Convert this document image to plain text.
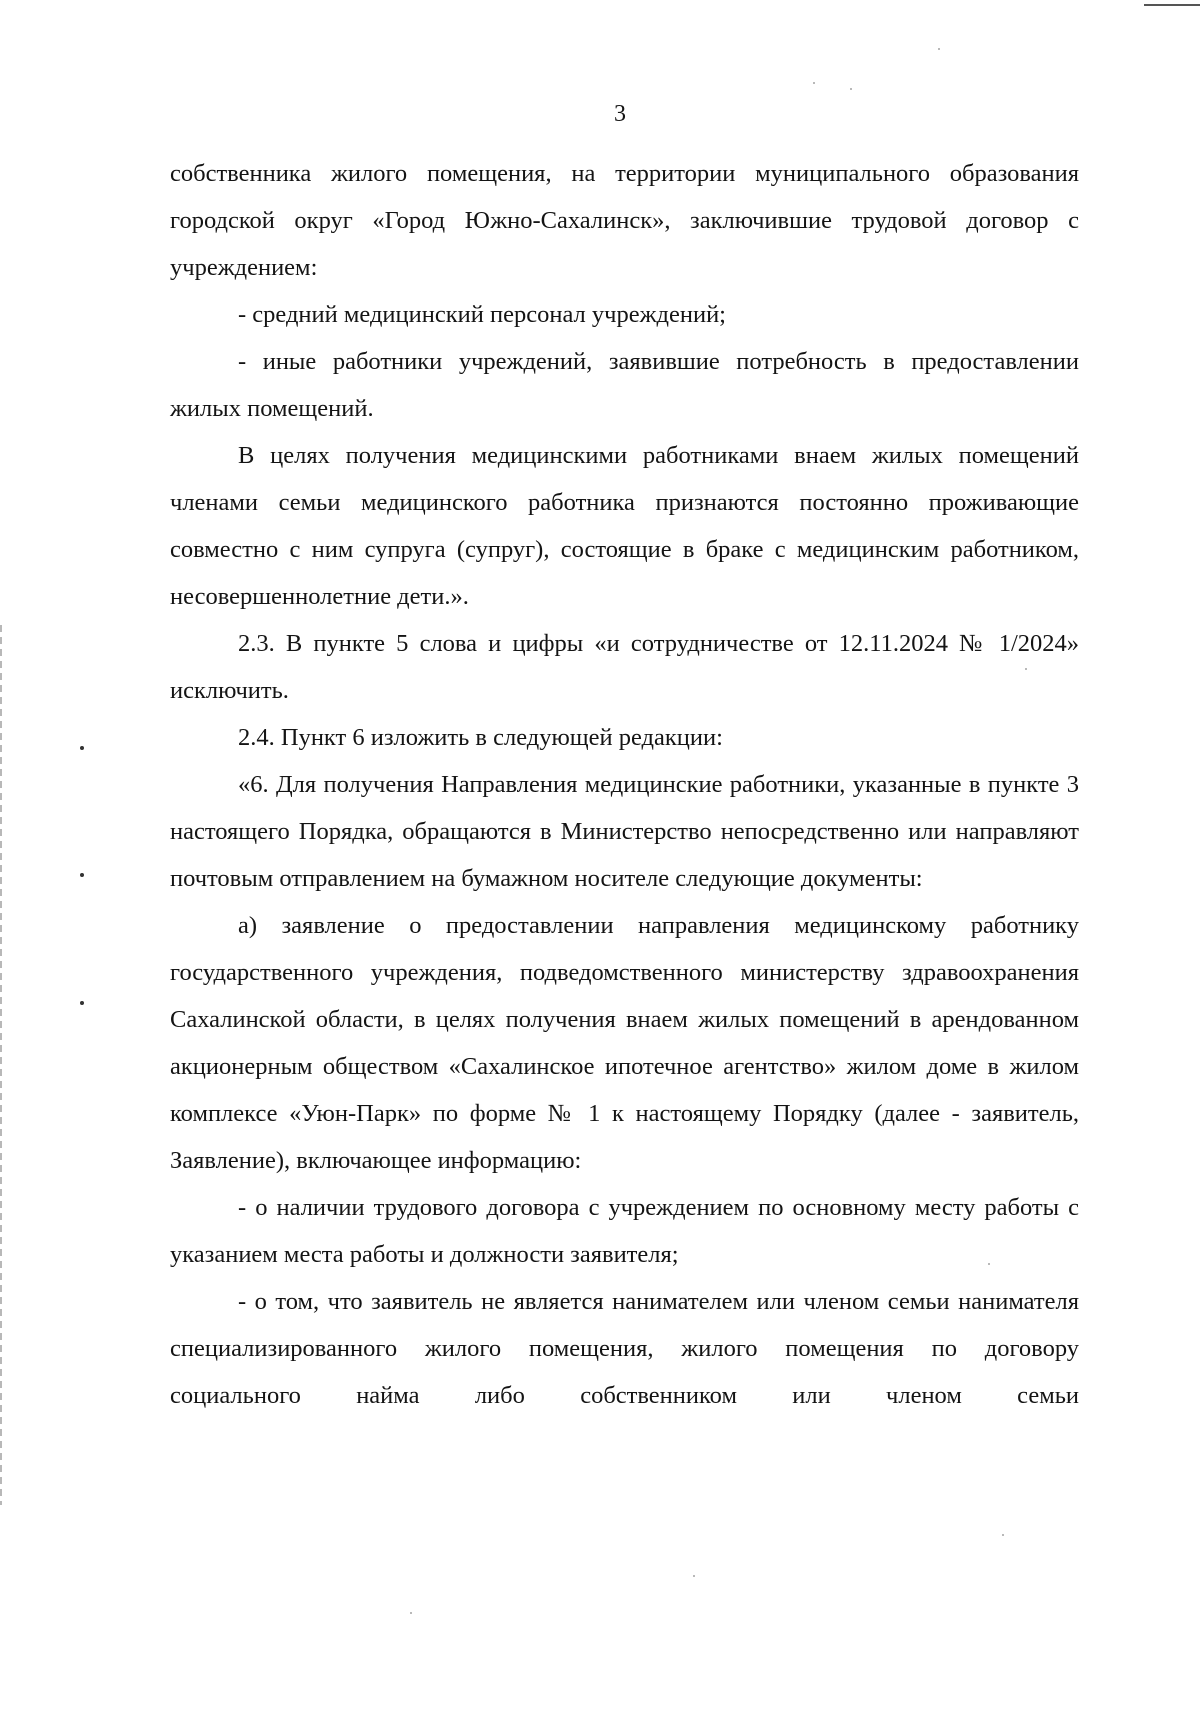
3

собственника жилого помещения, на территории муниципального образования городской округ «Город Южно-Сахалинск», заключившие трудовой договор с учреждением:

- средний медицинский персонал учреждений;

- иные работники учреждений, заявившие потребность в предоставлении жилых помещений.

В целях получения медицинскими работниками внаем жилых помещений членами семьи медицинского работника признаются постоянно проживающие совместно с ним супруга (супруг), состоящие в браке с медицинским работником, несовершеннолетние дети.».

2.3. В пункте 5 слова и цифры «и сотрудничестве от 12.11.2024 № 1/2024» исключить.

2.4. Пункт 6 изложить в следующей редакции:

«6. Для получения Направления медицинские работники, указанные в пункте 3 настоящего Порядка, обращаются в Министерство непосредственно или направляют почтовым отправлением на бумажном носителе следующие документы:

а) заявление о предоставлении направления медицинскому работнику государственного учреждения, подведомственного министерству здравоохранения Сахалинской области, в целях получения внаем жилых помещений в арендованном акционерным обществом «Сахалинское ипотечное агентство» жилом доме в жилом комплексе «Уюн-Парк» по форме № 1 к настоящему Порядку (далее - заявитель, Заявление), включающее информацию:

- о наличии трудового договора с учреждением по основному месту работы с указанием места работы и должности заявителя;

- о том, что заявитель не является нанимателем или членом семьи нанимателя специализированного жилого помещения, жилого помещения по договору социального найма либо собственником или членом семьи
